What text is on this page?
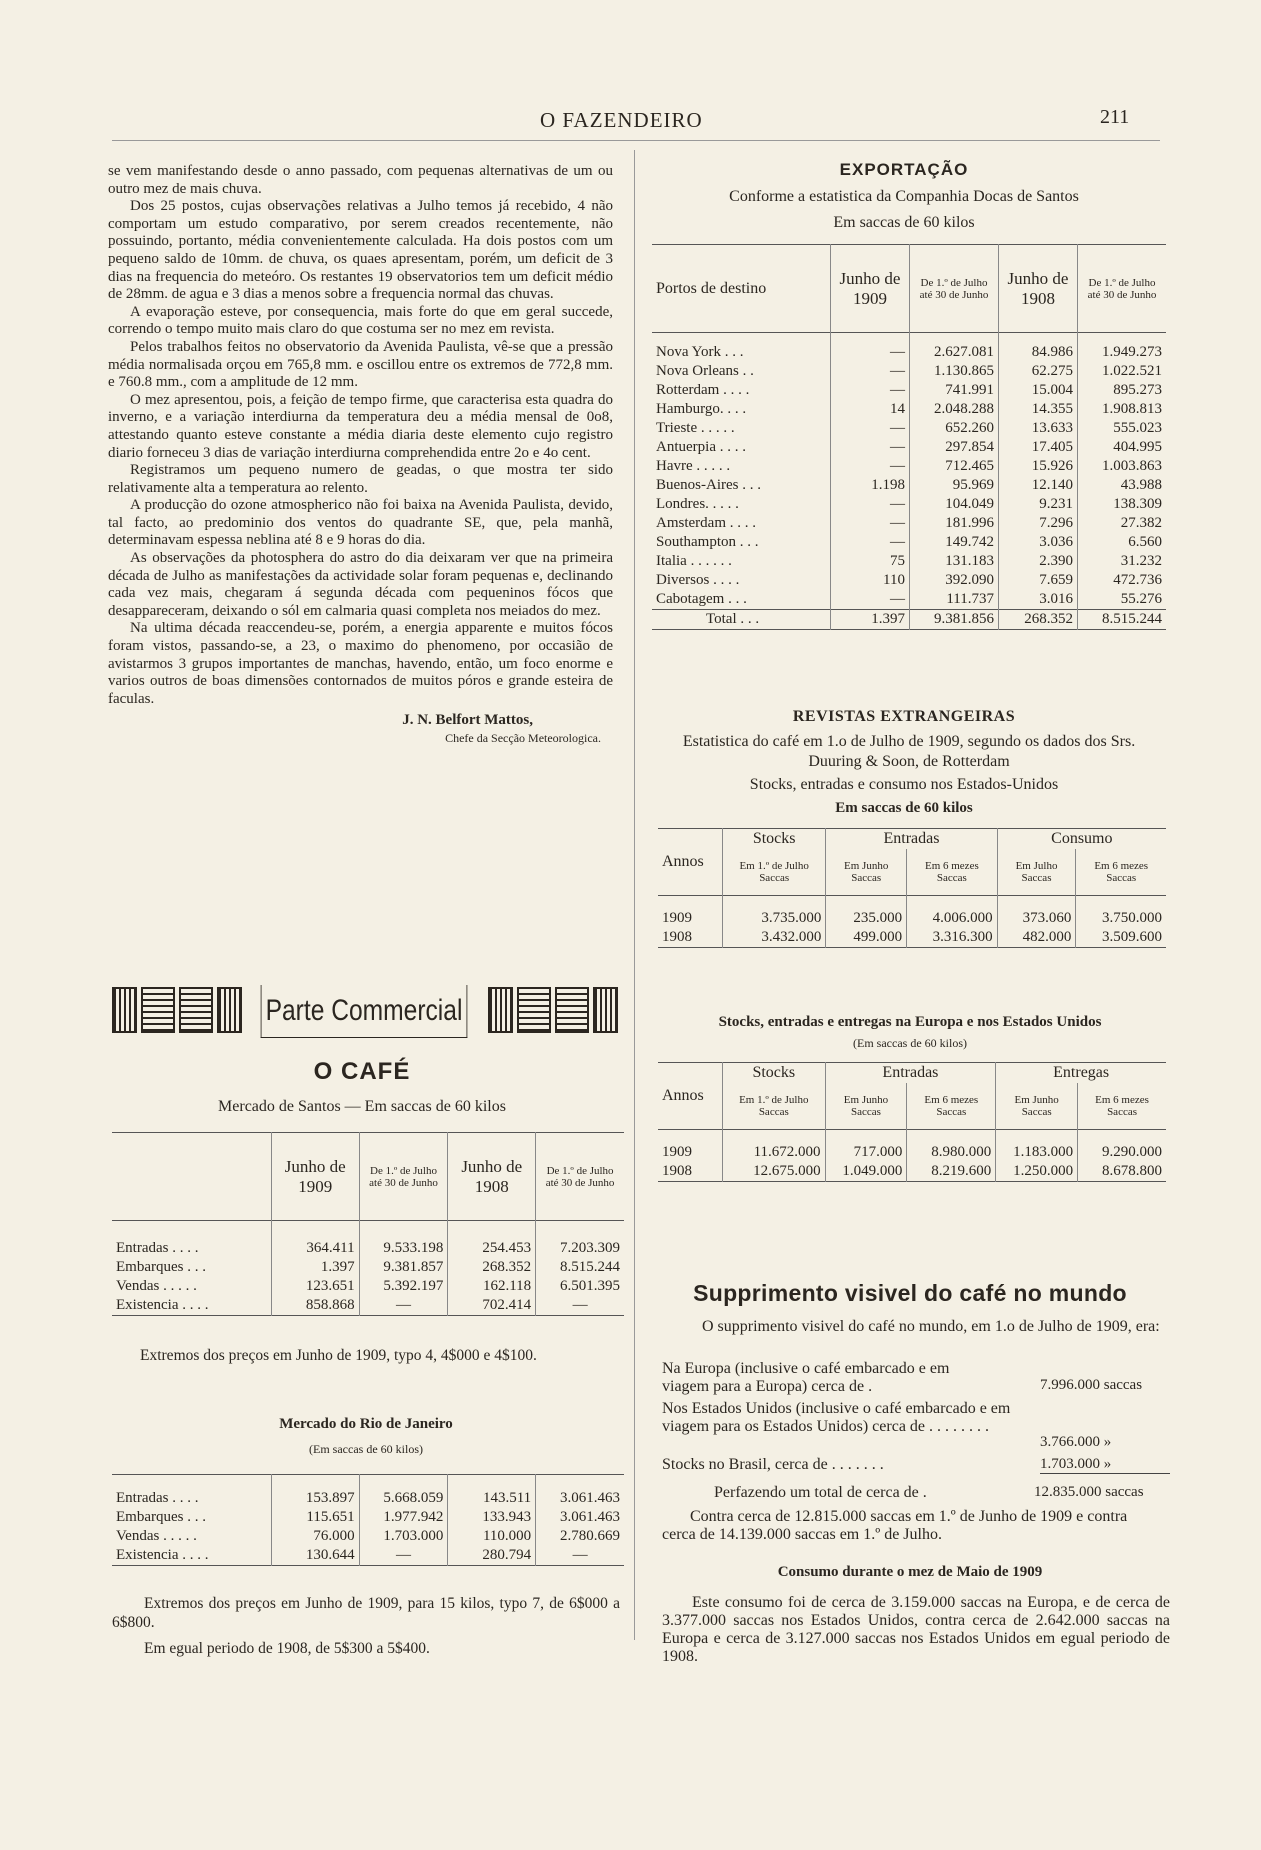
O FAZENDEIRO	211

se vem manifestando desde o anno passado, com pequenas alternativas de um ou outro mez de mais chuva.

Dos 25 postos, cujas observações relativas a Julho temos já recebido, 4 não comportam um estudo comparativo, por serem creados recentemente, não possuindo, portanto, média convenientemente calculada. Ha dois postos com um pequeno saldo de 10mm. de chuva, os quaes apresentam, porém, um deficit de 3 dias na frequencia do meteóro. Os restantes 19 observatorios tem um deficit médio de 28mm. de agua e 3 dias a menos sobre a frequencia normal das chuvas.

A evaporação esteve, por consequencia, mais forte do que em geral succede, correndo o tempo muito mais claro do que costuma ser no mez em revista.

Pelos trabalhos feitos no observatorio da Avenida Paulista, vê-se que a pressão média normalisada orçou em 765,8 mm. e oscillou entre os extremos de 772,8 mm. e 760.8 mm., com a amplitude de 12 mm.

O mez apresentou, pois, a feição de tempo firme, que caracterisa esta quadra do inverno, e a variação interdiurna da temperatura deu a média mensal de 0o8, attestando quanto esteve constante a média diaria deste elemento cujo registro diario forneceu 3 dias de variação interdiurna comprehendida entre 2o e 4o cent.

Registramos um pequeno numero de geadas, o que mostra ter sido relativamente alta a temperatura ao relento.

A producção do ozone atmospherico não foi baixa na Avenida Paulista, devido, tal facto, ao predominio dos ventos do quadrante SE, que, pela manhã, determinavam espessa neblina até 8 e 9 horas do dia.

As observações da photosphera do astro do dia deixaram ver que na primeira década de Julho as manifestações da actividade solar foram pequenas e, declinando cada vez mais, chegaram á segunda década com pequeninos fócos que desappareceram, deixando o sól em calmaria quasi completa nos meiados do mez.

Na ultima década reaccendeu-se, porém, a energia apparente e muitos fócos foram vistos, passando-se, a 23, o maximo do phenomeno, por occasião de avistarmos 3 grupos importantes de manchas, havendo, então, um foco enorme e varios outros de boas dimensões contornados de muitos póros e grande esteira de faculas.

J. N. Belfort Mattos,

Chefe da Secção Meteorologica.

Parte Commercial
O CAFÉ
Mercado de Santos — Em saccas de 60 kilos
	Junho de 1909	De 1.º de Julho até 30 de Junho	Junho de 1908	De 1.º de Julho até 30 de Junho

Entradas . . . .	364.411	9.533.198	254.453	7.203.309
Embarques . . .	1.397	9.381.857	268.352	8.515.244
Vendas . . . . .	123.651	5.392.197	162.118	6.501.395
Existencia . . . .	858.868	—	702.414	—
Extremos dos preços em Junho de 1909, typo 4, 4$000 e 4$100.
Mercado do Rio de Janeiro
(Em saccas de 60 kilos)

Entradas . . . .	153.897	5.668.059	143.511	3.061.463
Embarques . . .	115.651	1.977.942	133.943	3.061.463
Vendas . . . . .	76.000	1.703.000	110.000	2.780.669
Existencia . . . .	130.644	—	280.794	—
Extremos dos preços em Junho de 1909, para 15 kilos, typo 7, de 6$000 a 6$800.
Em egual periodo de 1908, de 5$300 a 5$400.
EXPORTAÇÃO
Conforme a estatistica da Companhia Docas de Santos
Em saccas de 60 kilos
Portos de destino	Junho de 1909	De 1.º de Julho até 30 de Junho	Junho de 1908	De 1.º de Julho até 30 de Junho

Nova York . . .	—	2.627.081	84.986	1.949.273
Nova Orleans . .	—	1.130.865	62.275	1.022.521
Rotterdam . . . .	—	741.991	15.004	895.273
Hamburgo. . . .	14	2.048.288	14.355	1.908.813
Trieste . . . . .	—	652.260	13.633	555.023
Antuerpia . . . .	—	297.854	17.405	404.995
Havre . . . . .	—	712.465	15.926	1.003.863
Buenos-Aires . . .	1.198	95.969	12.140	43.988
Londres. . . . .	—	104.049	9.231	138.309
Amsterdam . . . .	—	181.996	7.296	27.382
Southampton . . .	—	149.742	3.036	6.560
Italia . . . . . .	75	131.183	2.390	31.232
Diversos . . . .	110	392.090	7.659	472.736
Cabotagem . . .	—	111.737	3.016	55.276
Total . . .	1.397	9.381.856	268.352	8.515.244
REVISTAS EXTRANGEIRAS
Estatistica do café em 1.o de Julho de 1909, segundo os dados dos Srs. Duuring & Soon, de Rotterdam
Stocks, entradas e consumo nos Estados-Unidos
Em saccas de 60 kilos
Annos	Stocks	Entradas		Consumo	
	Em 1.º de Julho Saccas	Em Junho Saccas	Em 6 mezes Saccas	Em Julho Saccas	Em 6 mezes Saccas

1909	3.735.000	235.000	4.006.000	373.060	3.750.000
1908	3.432.000	499.000	3.316.300	482.000	3.509.600
Stocks, entradas e entregas na Europa e nos Estados Unidos
(Em saccas de 60 kilos)
Annos	Stocks	Entradas		Entregas	
	Em 1.º de Julho Saccas	Em Junho Saccas	Em 6 mezes Saccas	Em Junho Saccas	Em 6 mezes Saccas

1909	11.672.000	717.000	8.980.000	1.183.000	9.290.000
1908	12.675.000	1.049.000	8.219.600	1.250.000	8.678.800
Supprimento visivel do café no mundo
O supprimento visivel do café no mundo, em 1.o de Julho de 1909, era:
Na Europa (inclusive o café embarcado e em viagem para a Europa) cerca de .	7.996.000 saccas
Nos Estados Unidos (inclusive o café embarcado e em viagem para os Estados Unidos) cerca de . . . . . . . .
3.766.000 »
Stocks no Brasil, cerca de . . . . . . .	1.703.000 »
Perfazendo um total de cerca de .	12.835.000 saccas
Contra cerca de 12.815.000 saccas em 1.º de Junho de 1909 e contra cerca de 14.139.000 saccas em 1.º de Julho.
Consumo durante o mez de Maio de 1909
Este consumo foi de cerca de 3.159.000 saccas na Europa, e de cerca de 3.377.000 saccas nos Estados Unidos, contra cerca de 2.642.000 saccas na Europa e cerca de 3.127.000 saccas nos Estados Unidos em egual periodo de 1908.
